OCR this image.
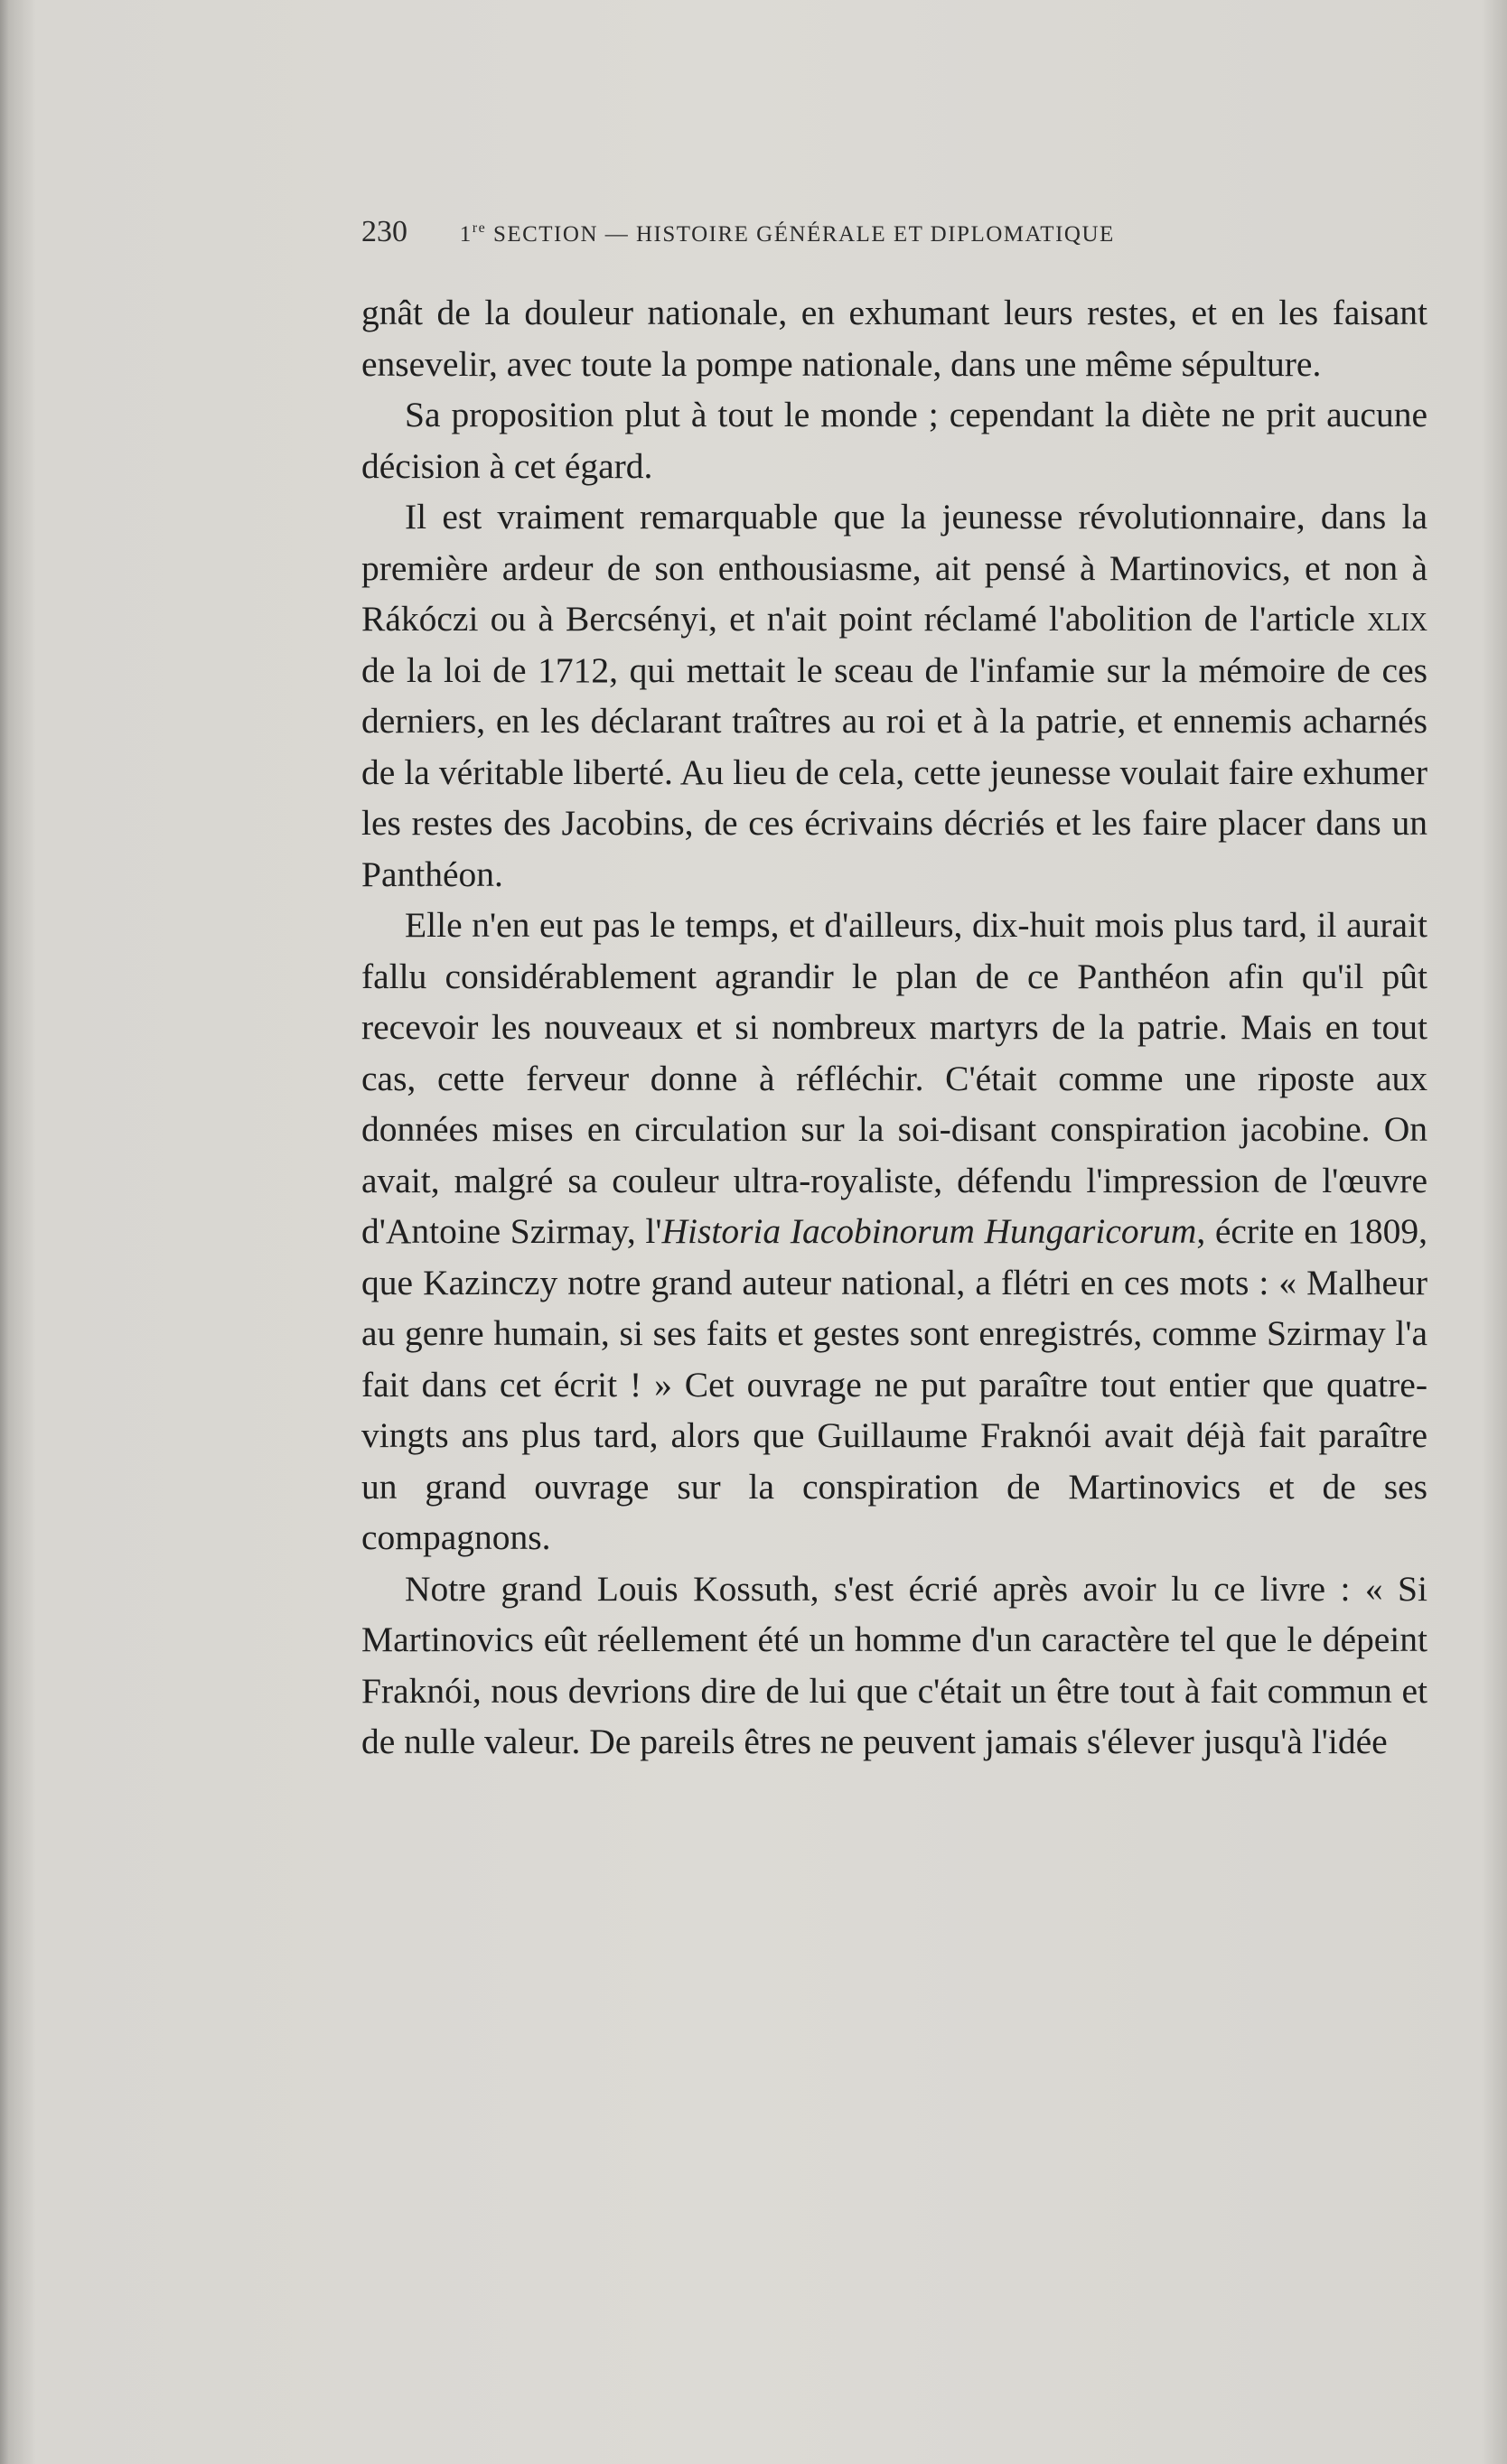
230 1re SECTION — HISTOIRE GÉNÉRALE ET DIPLOMATIQUE

gnât de la douleur nationale, en exhumant leurs restes, et en les faisant ensevelir, avec toute la pompe nationale, dans une même sépulture.

Sa proposition plut à tout le monde ; cependant la diète ne prit aucune décision à cet égard.

Il est vraiment remarquable que la jeunesse révolutionnaire, dans la première ardeur de son enthousiasme, ait pensé à Martinovics, et non à Rákóczi ou à Bercsényi, et n'ait point réclamé l'abolition de l'article xlix de la loi de 1712, qui mettait le sceau de l'infamie sur la mémoire de ces derniers, en les déclarant traîtres au roi et à la patrie, et ennemis acharnés de la véritable liberté. Au lieu de cela, cette jeunesse voulait faire exhumer les restes des Jacobins, de ces écrivains décriés et les faire placer dans un Panthéon.

Elle n'en eut pas le temps, et d'ailleurs, dix-huit mois plus tard, il aurait fallu considérablement agrandir le plan de ce Panthéon afin qu'il pût recevoir les nouveaux et si nombreux martyrs de la patrie. Mais en tout cas, cette ferveur donne à réfléchir. C'était comme une riposte aux données mises en circulation sur la soi-disant conspiration jacobine. On avait, malgré sa couleur ultra-royaliste, défendu l'impression de l'œuvre d'Antoine Szirmay, l'Historia Iacobinorum Hungaricorum, écrite en 1809, que Kazinczy notre grand auteur national, a flétri en ces mots : « Malheur au genre humain, si ses faits et gestes sont enregistrés, comme Szirmay l'a fait dans cet écrit ! » Cet ouvrage ne put paraître tout entier que quatre-vingts ans plus tard, alors que Guillaume Fraknói avait déjà fait paraître un grand ouvrage sur la conspiration de Martinovics et de ses compagnons.

Notre grand Louis Kossuth, s'est écrié après avoir lu ce livre : « Si Martinovics eût réellement été un homme d'un caractère tel que le dépeint Fraknói, nous devrions dire de lui que c'était un être tout à fait commun et de nulle valeur. De pareils êtres ne peuvent jamais s'élever jusqu'à l'idée
